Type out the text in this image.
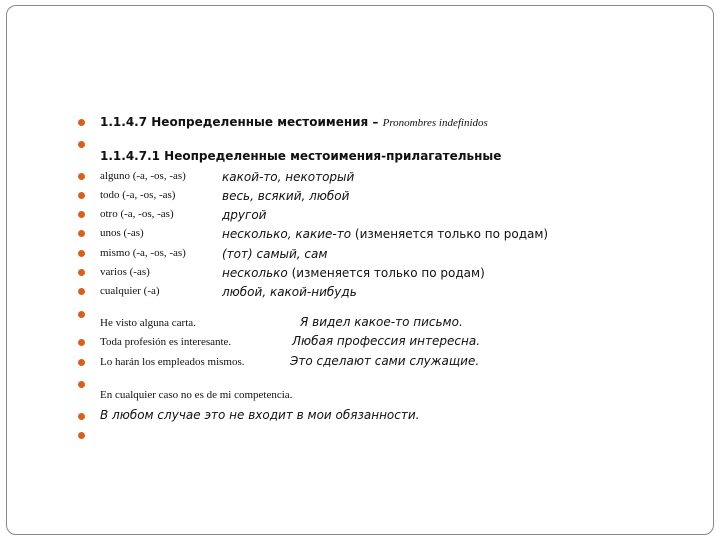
1.1.4.7 Неопределенные местоимения – Pronombres indefinidos
1.1.4.7.1 Неопределенные местоимения-прилагательные
alguno (-a, -os, -as)	какой-то, некоторый
todo (-a, -os, -as)	весь, всякий, любой
otro (-a, -os, -as)	другой
unos (-as)	несколько, какие-то (изменяется только по родам)
mismo (-a, -os, -as)	(тот) самый, сам
varios (-as)	несколько (изменяется только по родам)
cualquier (-a)	любой, какой-нибудь
He visto alguna carta.	Я видел какое-то письмо.
Toda profesión es interesante.	Любая профессия интересна.
Lo harán los empleados mismos.	Это сделают сами служащие.
En cualquier caso no es de mi competencia.
В любом случае это не входит в мои обязанности.
